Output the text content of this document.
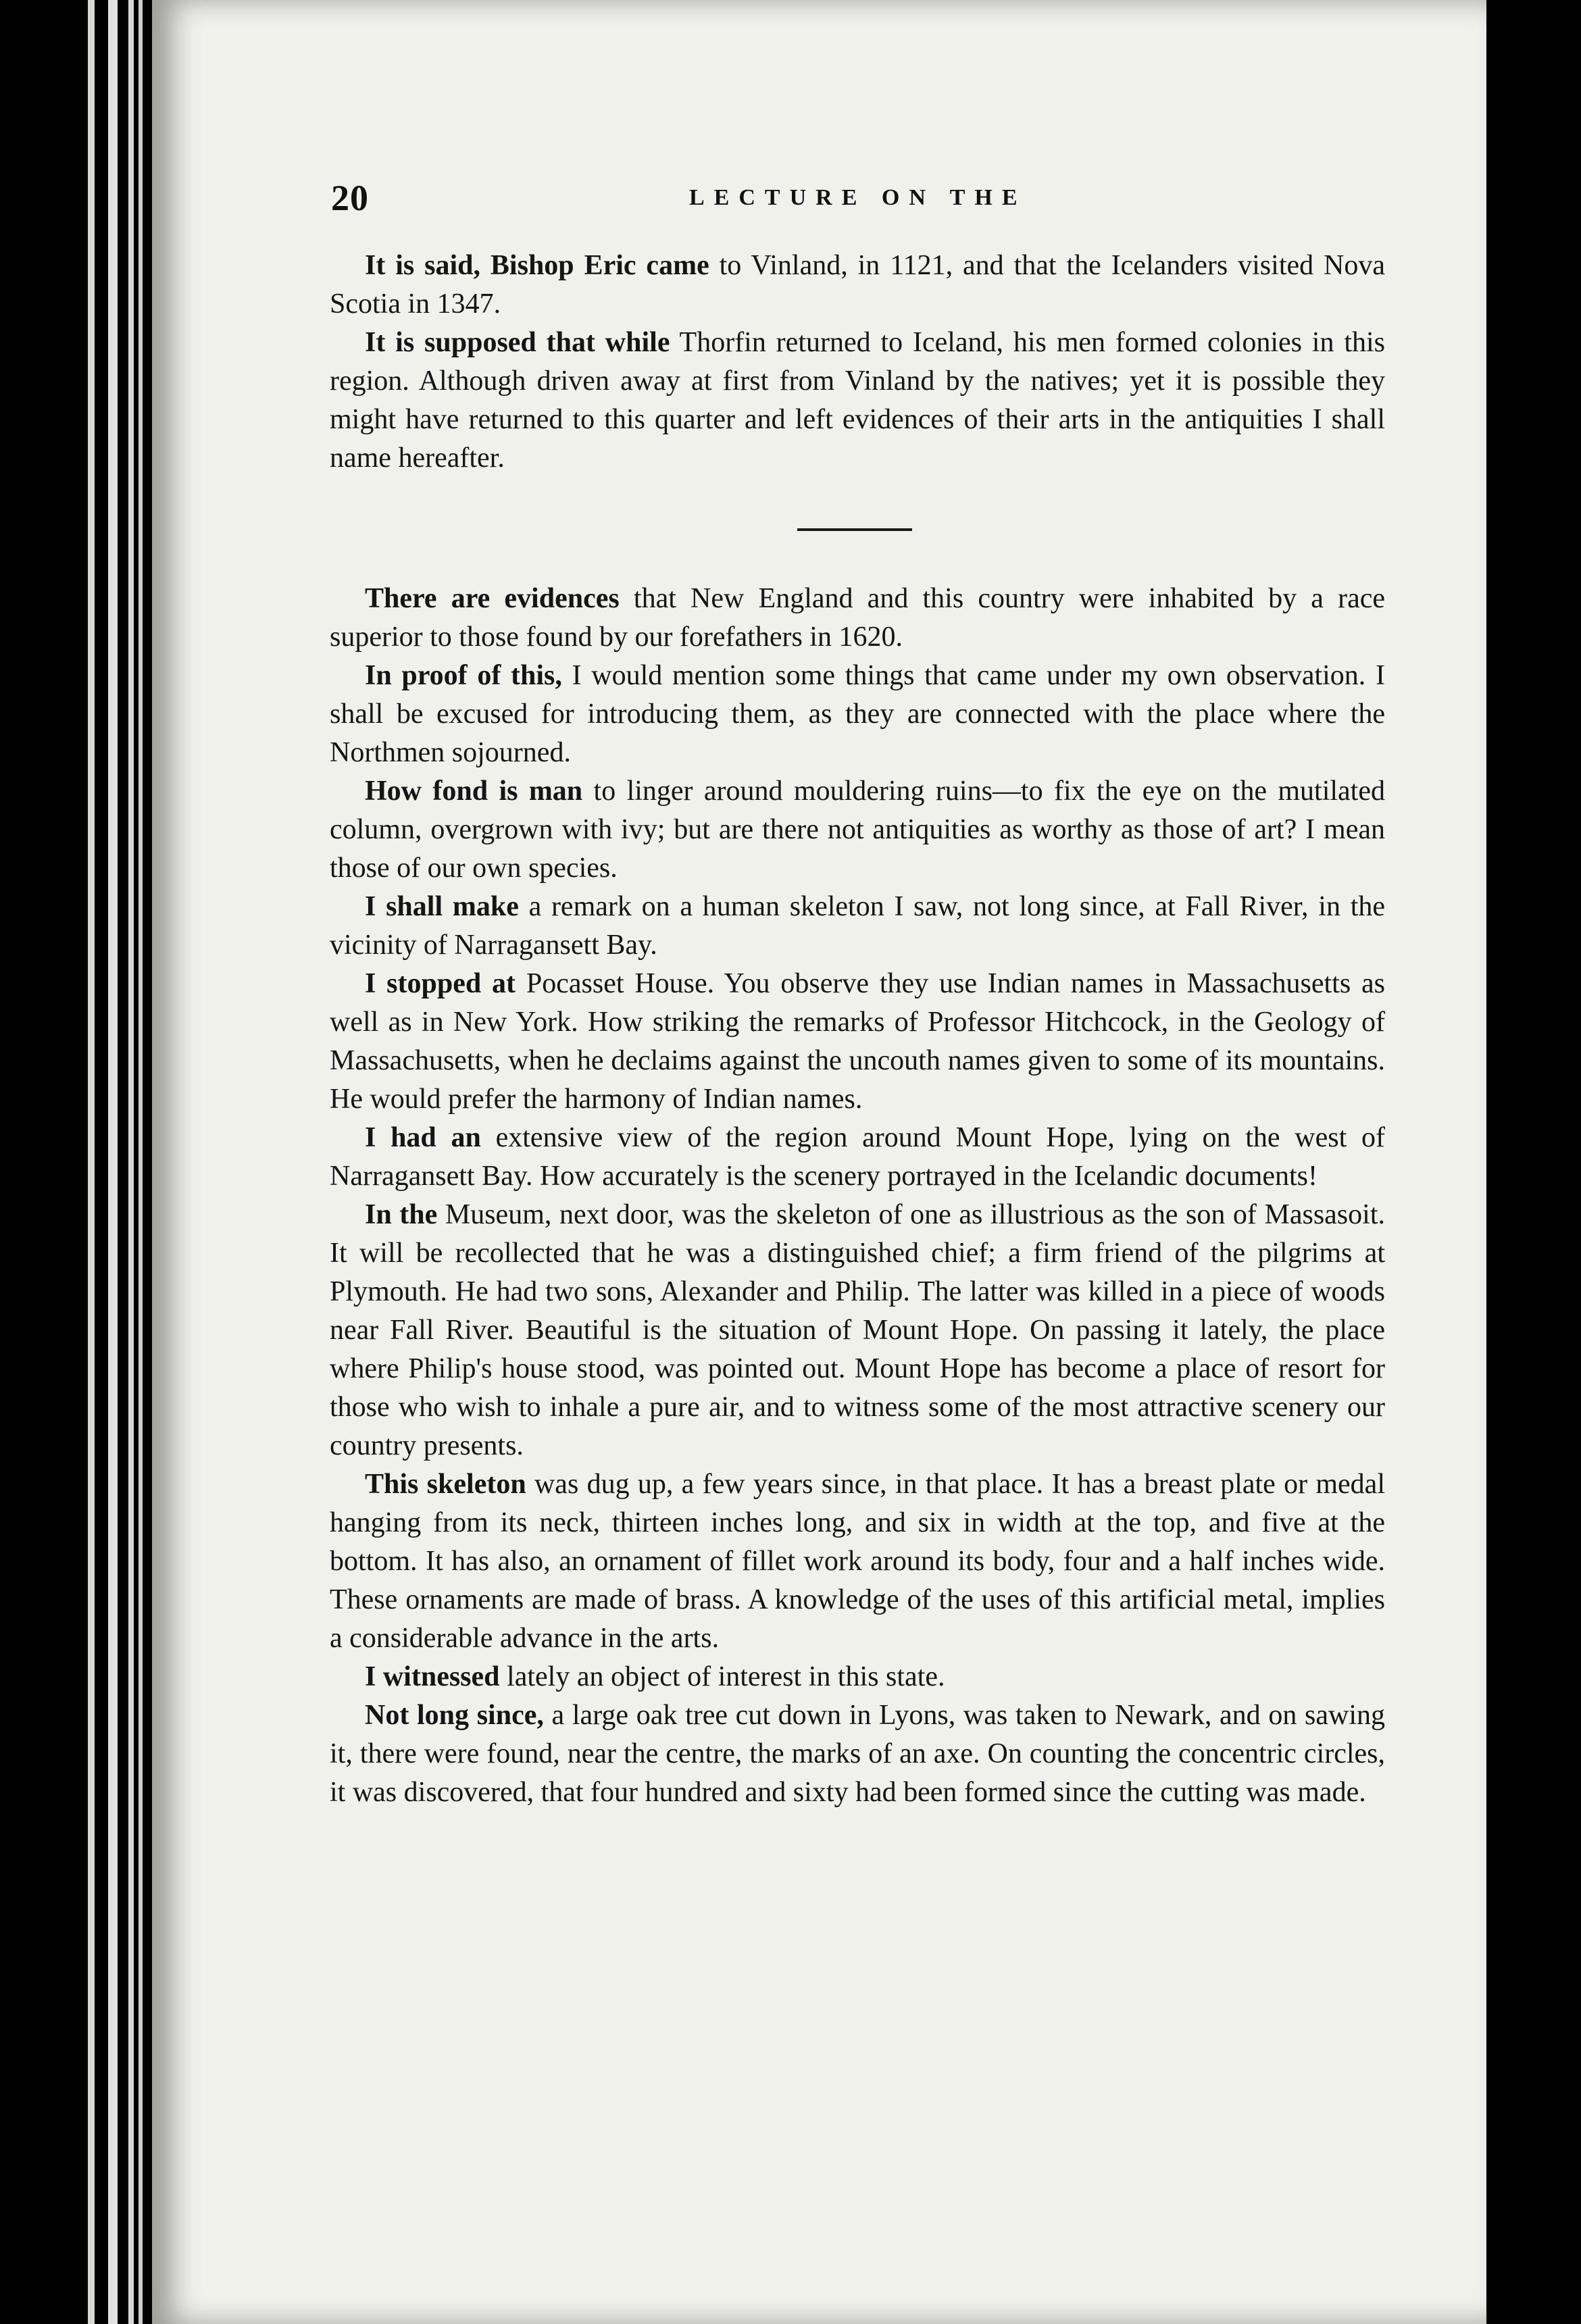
20	LECTURE ON THE

It is said, Bishop Eric came to Vinland, in 1121, and that the Icelanders visited Nova Scotia in 1347.

It is supposed that while Thorfin returned to Iceland, his men formed colonies in this region. Although driven away at first from Vinland by the natives; yet it is possible they might have returned to this quarter and left evidences of their arts in the antiquities I shall name hereafter.

There are evidences that New England and this country were inhabited by a race superior to those found by our forefathers in 1620.

In proof of this, I would mention some things that came under my own observation. I shall be excused for introducing them, as they are connected with the place where the Northmen sojourned.

How fond is man to linger around mouldering ruins—to fix the eye on the mutilated column, overgrown with ivy; but are there not antiquities as worthy as those of art? I mean those of our own species.

I shall make a remark on a human skeleton I saw, not long since, at Fall River, in the vicinity of Narragansett Bay.

I stopped at Pocasset House. You observe they use Indian names in Massachusetts as well as in New York. How striking the remarks of Professor Hitchcock, in the Geology of Massachusetts, when he declaims against the uncouth names given to some of its mountains. He would prefer the harmony of Indian names.

I had an extensive view of the region around Mount Hope, lying on the west of Narragansett Bay. How accurately is the scenery portrayed in the Icelandic documents!

In the Museum, next door, was the skeleton of one as illustrious as the son of Massasoit. It will be recollected that he was a distinguished chief; a firm friend of the pilgrims at Plymouth. He had two sons, Alexander and Philip. The latter was killed in a piece of woods near Fall River. Beautiful is the situation of Mount Hope. On passing it lately, the place where Philip's house stood, was pointed out. Mount Hope has become a place of resort for those who wish to inhale a pure air, and to witness some of the most attractive scenery our country presents.

This skeleton was dug up, a few years since, in that place. It has a breast plate or medal hanging from its neck, thirteen inches long, and six in width at the top, and five at the bottom. It has also, an ornament of fillet work around its body, four and a half inches wide. These ornaments are made of brass. A knowledge of the uses of this artificial metal, implies a considerable advance in the arts.

I witnessed lately an object of interest in this state.

Not long since, a large oak tree cut down in Lyons, was taken to Newark, and on sawing it, there were found, near the centre, the marks of an axe. On counting the concentric circles, it was discovered, that four hundred and sixty had been formed since the cutting was made.
